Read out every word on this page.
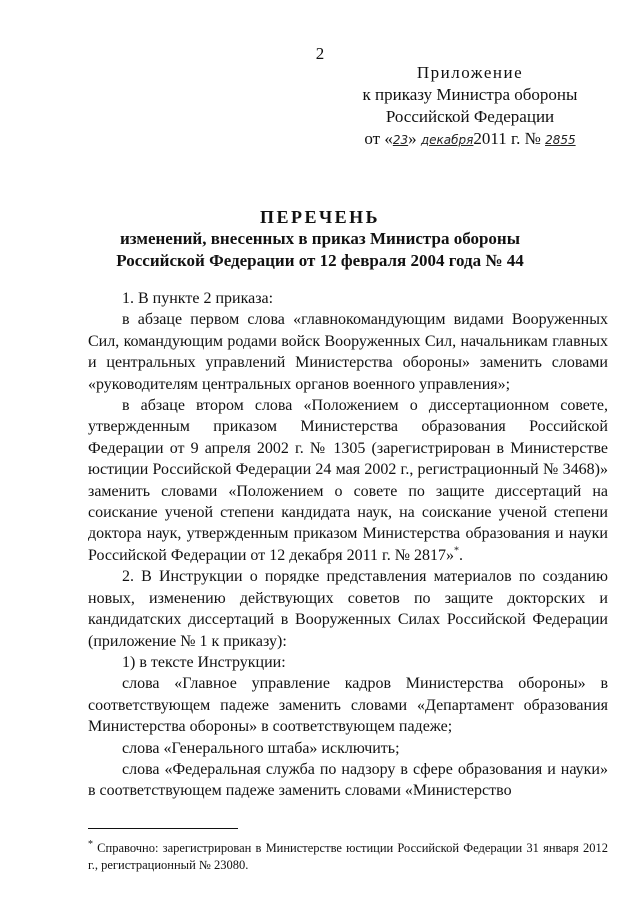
2
Приложение
к приказу Министра обороны
Российской Федерации
от «23» декабря2011 г. № 2855
ПЕРЕЧЕНЬ
изменений, внесенных в приказ Министра обороны
Российской Федерации от 12 февраля 2004 года № 44

1. В пункте 2 приказа:

в абзаце первом слова «главнокомандующим видами Вооруженных Сил, командующим родами войск Вооруженных Сил, начальникам главных и центральных управлений Министерства обороны» заменить словами «руководителям центральных органов военного управления»;

в абзаце втором слова «Положением о диссертационном совете, утвержденным приказом Министерства образования Российской Федерации от 9 апреля 2002 г. № 1305 (зарегистрирован в Министерстве юстиции Российской Федерации 24 мая 2002 г., регистрационный № 3468)» заменить словами «Положением о совете по защите диссертаций на соискание ученой степени кандидата наук, на соискание ученой степени доктора наук, утвержденным приказом Министерства образования и науки Российской Федерации от 12 декабря 2011 г. № 2817»*.

2. В Инструкции о порядке представления материалов по созданию новых, изменению действующих советов по защите докторских и кандидатских диссертаций в Вооруженных Силах Российской Федерации (приложение № 1 к приказу):

1) в тексте Инструкции:

слова «Главное управление кадров Министерства обороны» в соответствующем падеже заменить словами «Департамент образования Министерства обороны» в соответствующем падеже;

слова «Генерального штаба» исключить;

слова «Федеральная служба по надзору в сфере образования и науки» в соответствующем падеже заменить словами «Министерство

* Справочно: зарегистрирован в Министерстве юстиции Российской Федерации 31 января 2012 г., регистрационный № 23080.
